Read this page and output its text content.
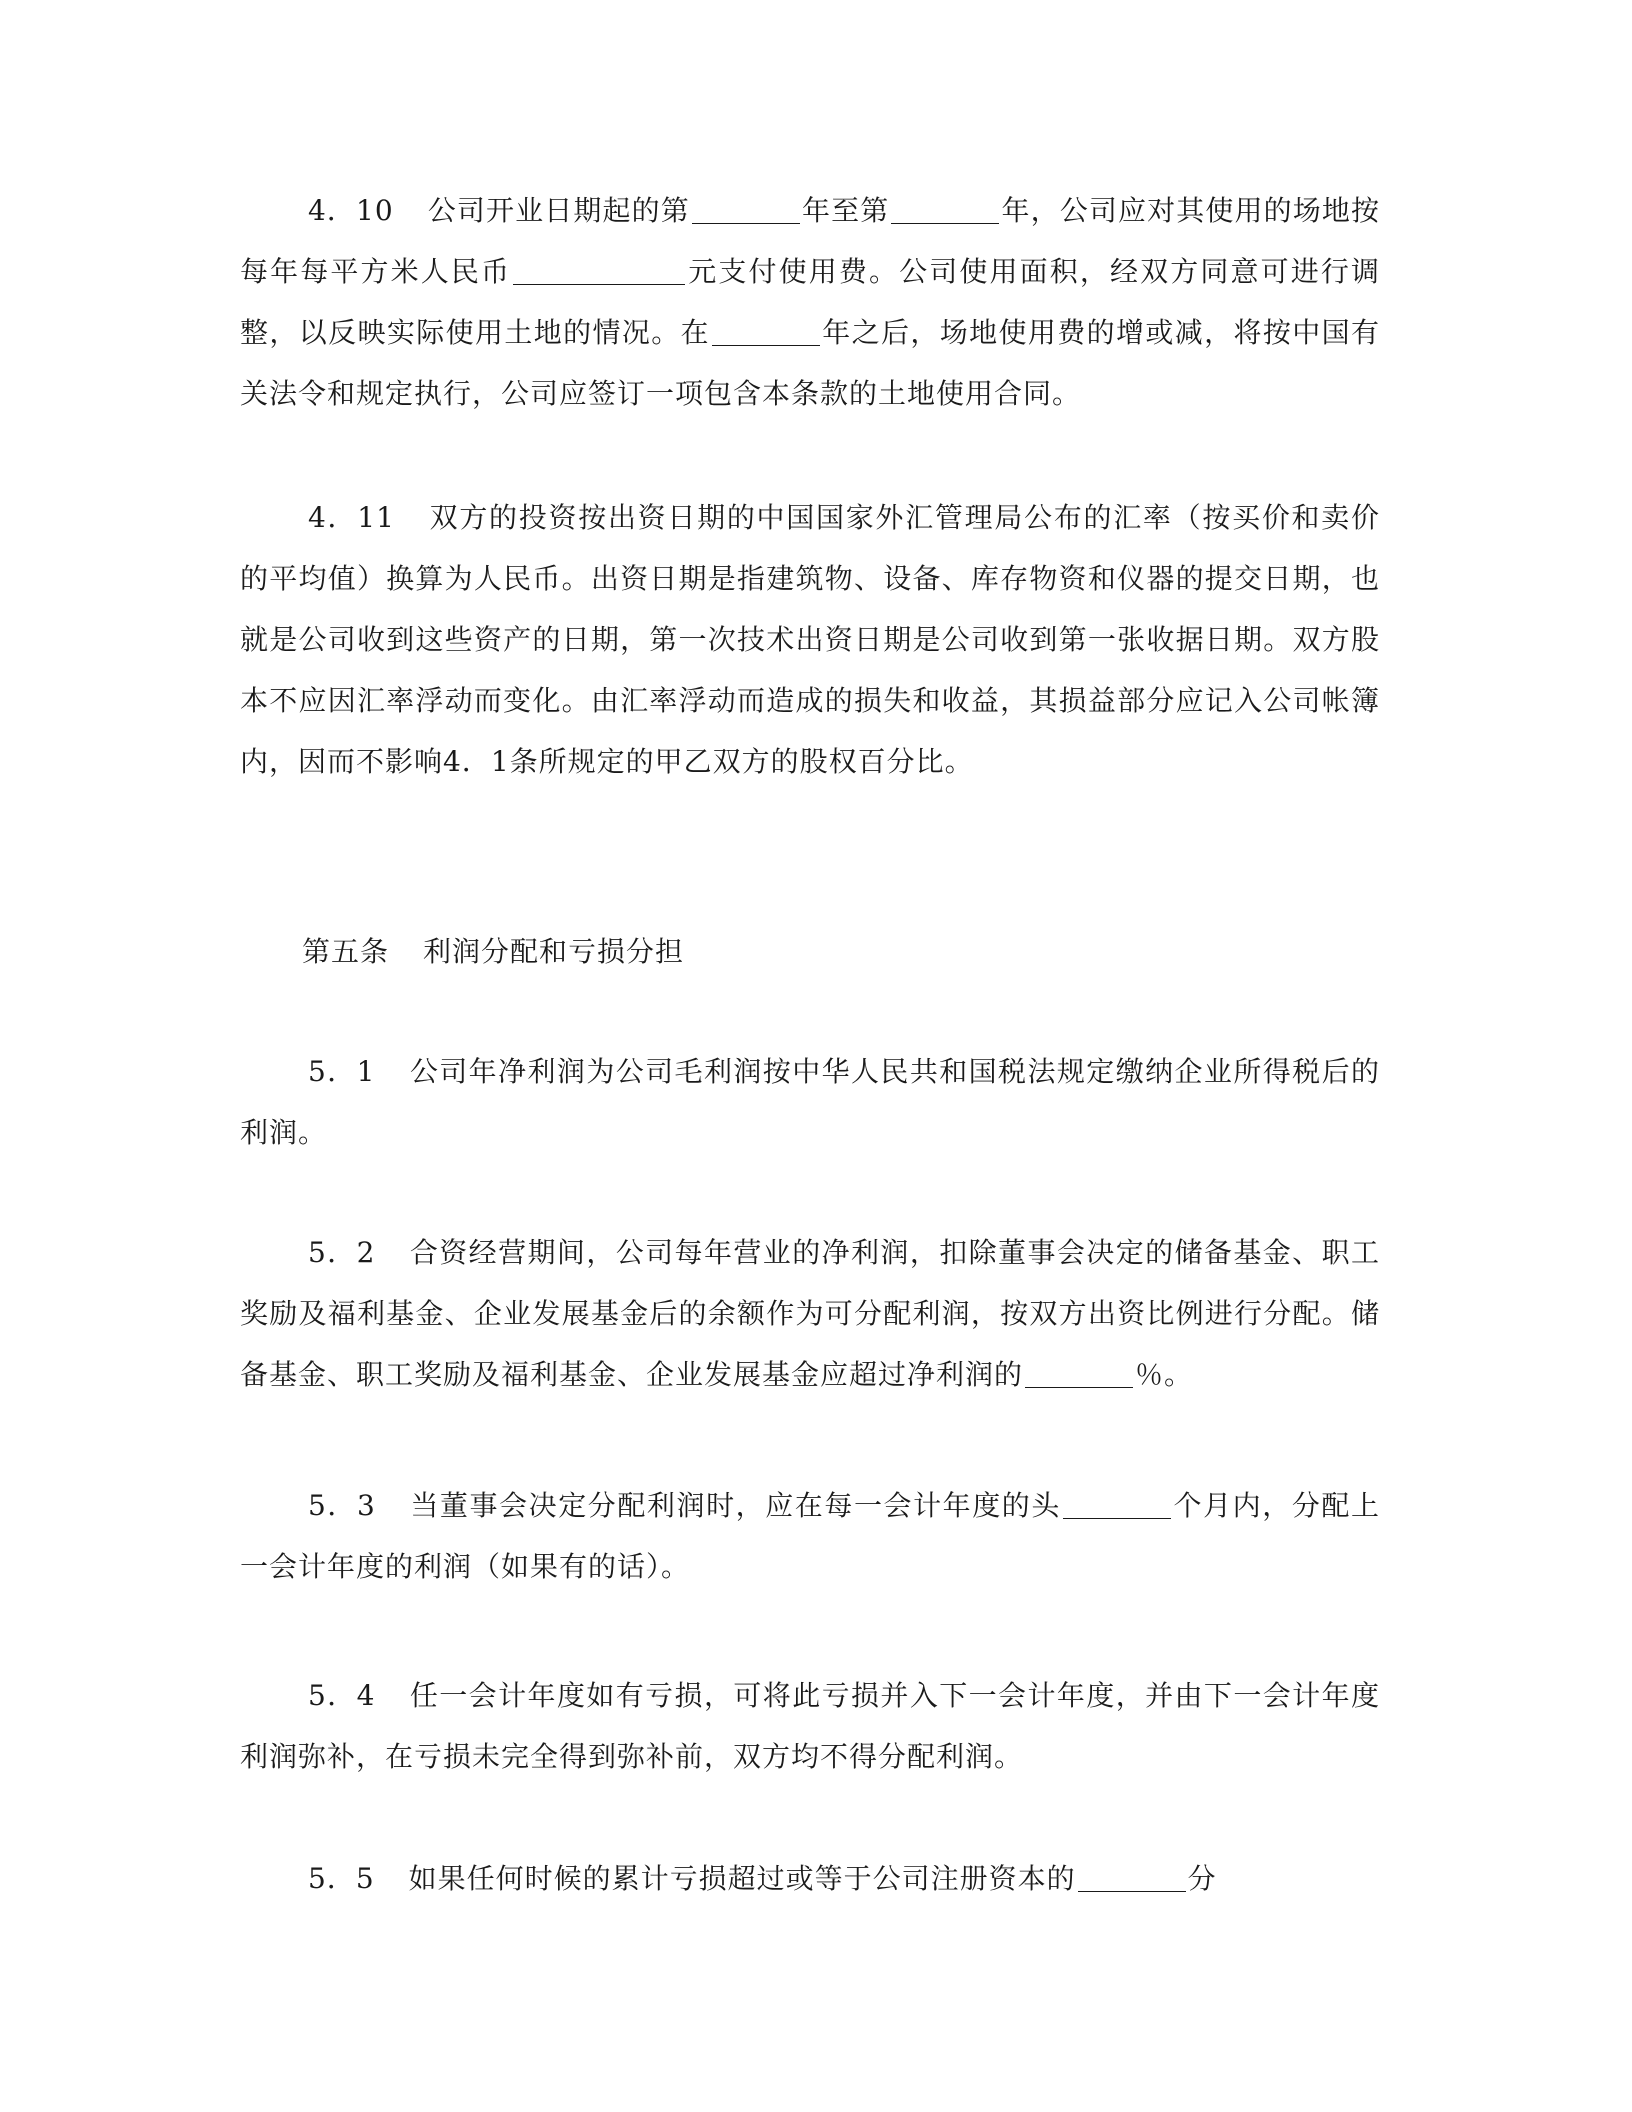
4．10 公司开业日期起的第	年至第	年，公司应对其使用的场地按每年每平方米人民币	元支付使用费。公司使用面积，经双方同意可进行调整，以反映实际使用土地的情况。在	年之后，场地使用费的增或减，将按中国有关法令和规定执行，公司应签订一项包含本条款的土地使用合同。

4．11 双方的投资按出资日期的中国国家外汇管理局公布的汇率（按买价和卖价的平均值）换算为人民币。出资日期是指建筑物、设备、库存物资和仪器的提交日期，也就是公司收到这些资产的日期，第一次技术出资日期是公司收到第一张收据日期。双方股本不应因汇率浮动而变化。由汇率浮动而造成的损失和收益，其损益部分应记入公司帐簿内，因而不影响4．1条所规定的甲乙双方的股权百分比。

第五条 利润分配和亏损分担

5．1 公司年净利润为公司毛利润按中华人民共和国税法规定缴纳企业所得税后的利润。

5．2 合资经营期间，公司每年营业的净利润，扣除董事会决定的储备基金、职工奖励及福利基金、企业发展基金后的余额作为可分配利润，按双方出资比例进行分配。储备基金、职工奖励及福利基金、企业发展基金应超过净利润的	％。

5．3 当董事会决定分配利润时，应在每一会计年度的头	个月内，分配上一会计年度的利润（如果有的话）。

5．4 任一会计年度如有亏损，可将此亏损并入下一会计年度，并由下一会计年度利润弥补，在亏损未完全得到弥补前，双方均不得分配利润。

5．5 如果任何时候的累计亏损超过或等于公司注册资本的	分
